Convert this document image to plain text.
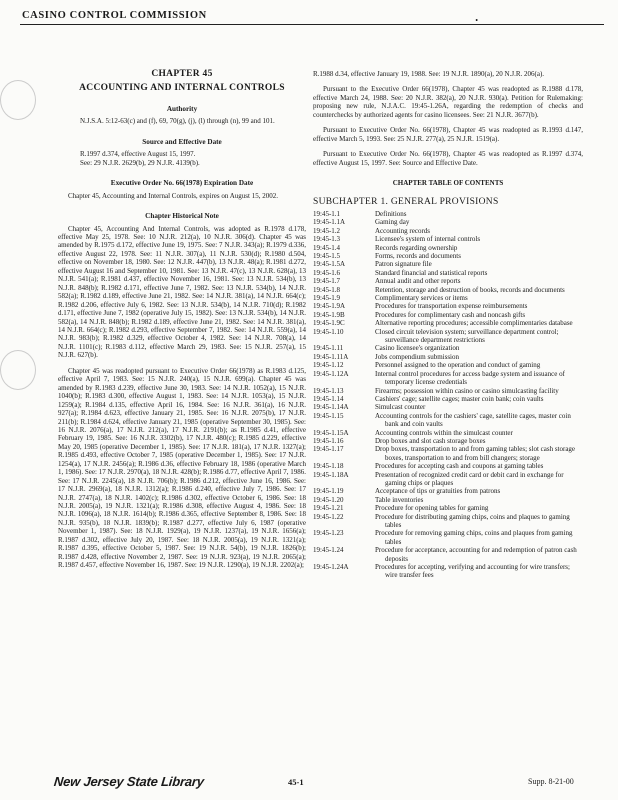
CASINO CONTROL COMMISSION	•
CHAPTER 45
ACCOUNTING AND INTERNAL CONTROLS
Authority
N.J.S.A. 5:12-63(c) and (f), 69, 70(g), (j), (l) through (n), 99 and 101.
Source and Effective Date
R.1997 d.374, effective August 15, 1997.
See: 29 N.J.R. 2629(b), 29 N.J.R. 4139(b).
Executive Order No. 66(1978) Expiration Date
Chapter 45, Accounting and Internal Controls, expires on August 15, 2002.
Chapter Historical Note
Chapter 45, Accounting And Internal Controls, was adopted as R.1978 d.178, effective May 25, 1978. See: 10 N.J.R. 212(a), 10 N.J.R. 306(d). Chapter 45 was amended by R.1975 d.172, effective June 19, 1975. See: 7 N.J.R. 343(a); R.1979 d.336, effective August 22, 1978. See: 11 N.J.R. 307(a), 11 N.J.R. 530(d); R.1980 d.504, effective on November 18, 1980. See: 12 N.J.R. 447(b), 13 N.J.R. 48(a); R.1981 d.272, effective August 16 and September 10, 1981. See: 13 N.J.R. 47(c), 13 N.J.R. 628(a), 13 N.J.R. 541(a); R.1981 d.437, effective November 16, 1981. See: 13 N.J.R. 534(b), 13 N.J.R. 848(b); R.1982 d.171, effective June 7, 1982. See: 13 N.J.R. 534(b), 14 N.J.R. 582(a); R.1982 d.189, effective June 21, 1982. See: 14 N.J.R. 381(a), 14 N.J.R. 664(c); R.1982 d.206, effective July 6, 1982. See: 13 N.J.R. 534(b), 14 N.J.R. 710(d); R.1982 d.171, effective June 7, 1982 (operative July 15, 1982). See: 13 N.J.R. 534(b), 14 N.J.R. 582(a), 14 N.J.R. 848(b); R.1982 d.189, effective June 21, 1982. See: 14 N.J.R. 381(a), 14 N.J.R. 664(c); R.1982 d.293, effective September 7, 1982. See: 14 N.J.R. 559(a), 14 N.J.R. 983(b); R.1982 d.329, effective October 4, 1982. See: 14 N.J.R. 708(a), 14 N.J.R. 1101(c); R.1983 d.112, effective March 29, 1983. See: 15 N.J.R. 257(a), 15 N.J.R. 627(b).
Chapter 45 was readopted pursuant to Executive Order 66(1978) as R.1983 d.125, effective April 7, 1983. See: 15 N.J.R. 240(a), 15 N.J.R. 699(a). Chapter 45 was amended by R.1983 d.239, effective June 30, 1983. See: 14 N.J.R. 1052(a), 15 N.J.R. 1040(b); R.1983 d.300, effective August 1, 1983. See: 14 N.J.R. 1053(a), 15 N.J.R. 1259(a); R.1984 d.135, effective April 16, 1984. See: 16 N.J.R. 361(a), 16 N.J.R. 927(a); R.1984 d.623, effective January 21, 1985. See: 16 N.J.R. 2075(b), 17 N.J.R. 211(b); R.1984 d.624, effective January 21, 1985 (operative September 30, 1985). See: 16 N.J.R. 2076(a), 17 N.J.R. 212(a), 17 N.J.R. 2191(b); as R.1985 d.41, effective February 19, 1985. See: 16 N.J.R. 3302(b), 17 N.J.R. 480(c); R.1985 d.229, effective May 20, 1985 (operative December 1, 1985). See: 17 N.J.R. 181(a), 17 N.J.R. 1327(a); R.1985 d.493, effective October 7, 1985 (operative December 1, 1985). See: 17 N.J.R. 1254(a), 17 N.J.R. 2456(a); R.1986 d.36, effective February 18, 1986 (operative March 1, 1986). See: 17 N.J.R. 2970(a), 18 N.J.R. 428(b); R.1986 d.77, effective April 7, 1986. See: 17 N.J.R. 2245(a), 18 N.J.R. 706(b); R.1986 d.212, effective June 16, 1986. See: 17 N.J.R. 2969(a), 18 N.J.R. 1312(a); R.1986 d.240, effective July 7, 1986. See: 17 N.J.R. 2747(a), 18 N.J.R. 1402(c); R.1986 d.302, effective October 6, 1986. See: 18 N.J.R. 2005(a), 19 N.J.R. 1321(a); R.1986 d.308, effective August 4, 1986. See: 18 N.J.R. 1096(a), 18 N.J.R. 1614(b); R.1986 d.365, effective September 8, 1986. See: 18 N.J.R. 935(b), 18 N.J.R. 1839(b); R.1987 d.277, effective July 6, 1987 (operative November 1, 1987). See: 18 N.J.R. 1929(a), 19 N.J.R. 1237(a), 19 N.J.R. 1656(a); R.1987 d.302, effective July 20, 1987. See: 18 N.J.R. 2005(a), 19 N.J.R. 1321(a); R.1987 d.395, effective October 5, 1987. See: 19 N.J.R. 54(b), 19 N.J.R. 1826(b); R.1987 d.428, effective November 2, 1987. See: 19 N.J.R. 923(a), 19 N.J.R. 2065(a); R.1987 d.457, effective November 16, 1987. See: 19 N.J.R. 1290(a), 19 N.J.R. 2202(a);
R.1988 d.34, effective January 19, 1988. See: 19 N.J.R. 1890(a), 20 N.J.R. 206(a).
Pursuant to the Executive Order 66(1978), Chapter 45 was readopted as R.1988 d.178, effective March 24, 1988. See: 20 N.J.R. 382(a), 20 N.J.R. 930(a). Petition for Rulemaking: proposing new rule, N.J.A.C. 19:45-1.26A, regarding the redemption of checks and counterchecks by authorized agents for casino licensees. See: 21 N.J.R. 3677(b).
Pursuant to Executive Order No. 66(1978), Chapter 45 was readopted as R.1993 d.147, effective March 5, 1993. See: 25 N.J.R. 277(a), 25 N.J.R. 1519(a).
Pursuant to Executive Order No. 66(1978), Chapter 45 was readopted as R.1997 d.374, effective August 15, 1997. See: Source and Effective Date.
CHAPTER TABLE OF CONTENTS
SUBCHAPTER 1. GENERAL PROVISIONS
19:45-1.1	Definitions
19:45-1.1A	Gaming day
19:45-1.2	Accounting records
19:45-1.3	Licensee's system of internal controls
19:45-1.4	Records regarding ownership
19:45-1.5	Forms, records and documents
19:45-1.5A	Patron signature file
19:45-1.6	Standard financial and statistical reports
19:45-1.7	Annual audit and other reports
19:45-1.8	Retention, storage and destruction of books, records and documents
19:45-1.9	Complimentary services or items
19:45-1.9A	Procedures for transportation expense reimbursements
19:45-1.9B	Procedures for complimentary cash and noncash gifts
19:45-1.9C	Alternative reporting procedures; accessible complimentaries database
19:45-1.10	Closed circuit television system; surveillance department control; surveillance department restrictions
19:45-1.11	Casino licensee's organization
19:45-1.11A	Jobs compendium submission
19:45-1.12	Personnel assigned to the operation and conduct of gaming
19:45-1.12A	Internal control procedures for access badge system and issuance of temporary license credentials
19:45-1.13	Firearms; possession within casino or casino simulcasting facility
19:45-1.14	Cashiers' cage; satellite cages; master coin bank; coin vaults
19:45-1.14A	Simulcast counter
19:45-1.15	Accounting controls for the cashiers' cage, satellite cages, master coin bank and coin vaults
19:45-1.15A	Accounting controls within the simulcast counter
19:45-1.16	Drop boxes and slot cash storage boxes
19:45-1.17	Drop boxes, transportation to and from gaming tables; slot cash storage boxes, transportation to and from bill changers; storage
19:45-1.18	Procedures for accepting cash and coupons at gaming tables
19:45-1.18A	Presentation of recognized credit card or debit card in exchange for gaming chips or plaques
19:45-1.19	Acceptance of tips or gratuities from patrons
19:45-1.20	Table inventories
19:45-1.21	Procedure for opening tables for gaming
19:45-1.22	Procedure for distributing gaming chips, coins and plaques to gaming tables
19:45-1.23	Procedure for removing gaming chips, coins and plaques from gaming tables
19:45-1.24	Procedure for acceptance, accounting for and redemption of patron cash deposits
19:45-1.24A	Procedures for accepting, verifying and accounting for wire transfers; wire transfer fees
New Jersey State Library	45-1	Supp. 8-21-00
